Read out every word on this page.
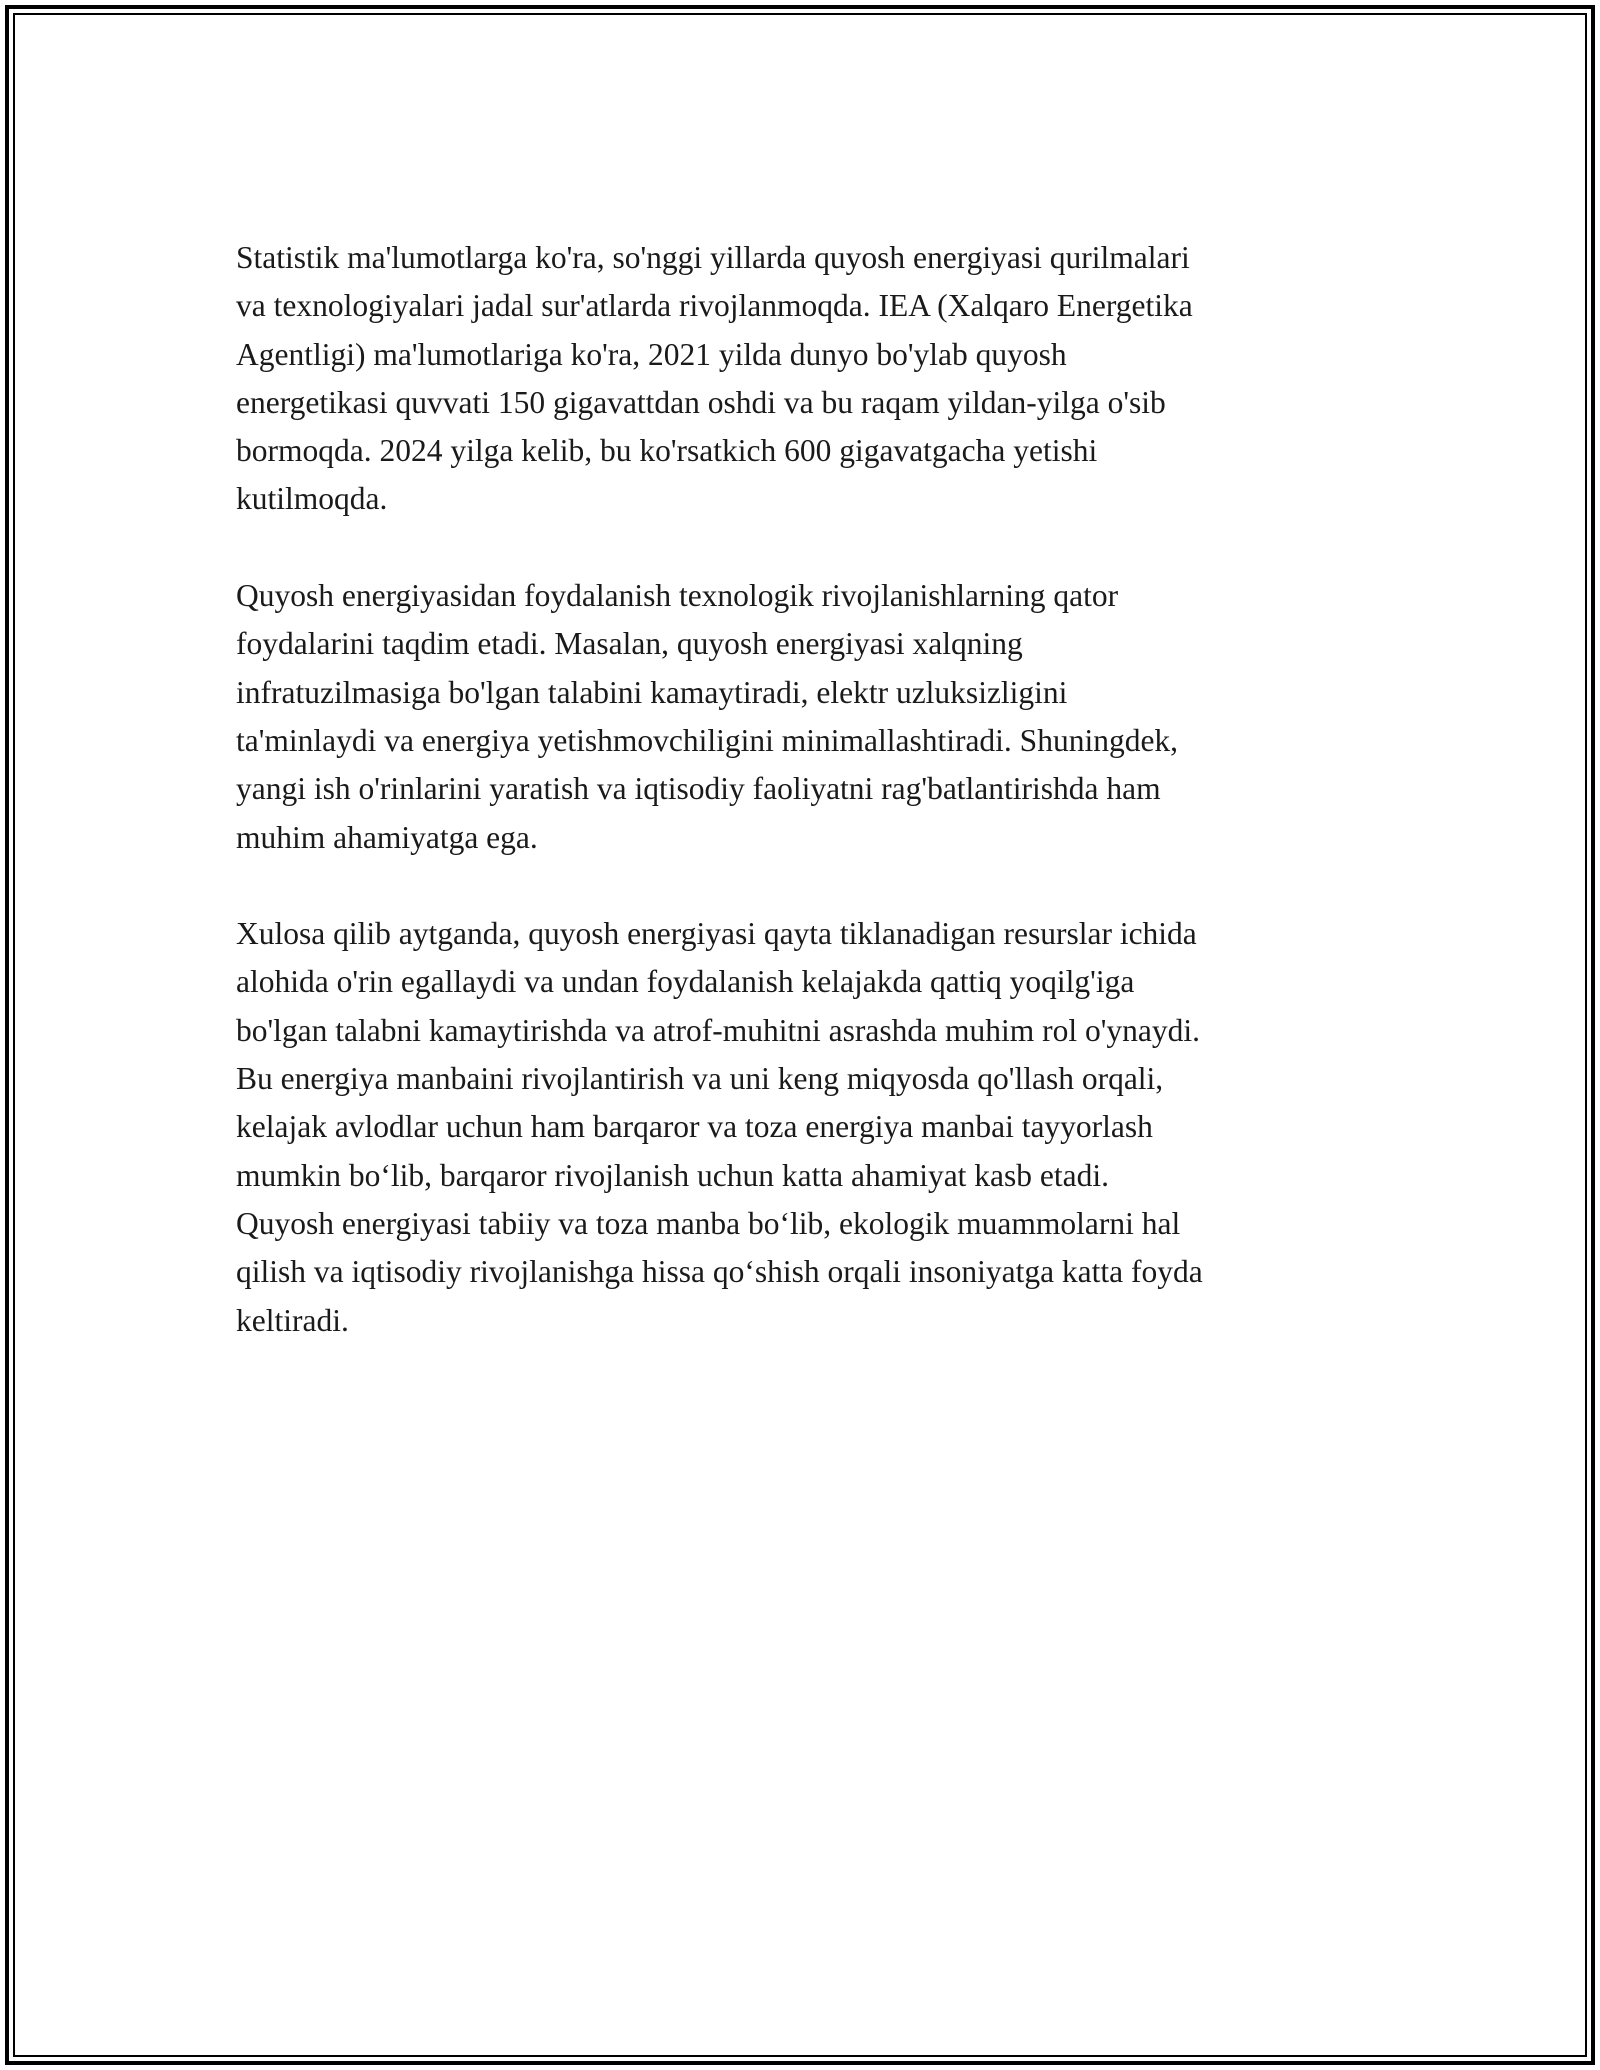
Statistik ma'lumotlarga ko'ra, so'nggi yillarda quyosh energiyasi qurilmalari
va texnologiyalari jadal sur'atlarda rivojlanmoqda. IEA (Xalqaro Energetika
Agentligi) ma'lumotlariga ko'ra, 2021 yilda dunyo bo'ylab quyosh
energetikasi quvvati 150 gigavattdan oshdi va bu raqam yildan-yilga o'sib
bormoqda. 2024 yilga kelib, bu ko'rsatkich 600 gigavatgacha yetishi
kutilmoqda.

Quyosh energiyasidan foydalanish texnologik rivojlanishlarning qator
foydalarini taqdim etadi. Masalan, quyosh energiyasi xalqning
infratuzilmasiga bo'lgan talabini kamaytiradi, elektr uzluksizligini
ta'minlaydi va energiya yetishmovchiligini minimallashtiradi. Shuningdek,
yangi ish o'rinlarini yaratish va iqtisodiy faoliyatni rag'batlantirishda ham
muhim ahamiyatga ega.

Xulosa qilib aytganda, quyosh energiyasi qayta tiklanadigan resurslar ichida
alohida o'rin egallaydi va undan foydalanish kelajakda qattiq yoqilg'iga
bo'lgan talabni kamaytirishda va atrof-muhitni asrashda muhim rol o'ynaydi.
Bu energiya manbaini rivojlantirish va uni keng miqyosda qo'llash orqali,
kelajak avlodlar uchun ham barqaror va toza energiya manbai tayyorlash
mumkin boʻlib, barqaror rivojlanish uchun katta ahamiyat kasb etadi.
Quyosh energiyasi tabiiy va toza manba boʻlib, ekologik muammolarni hal
qilish va iqtisodiy rivojlanishga hissa qoʻshish orqali insoniyatga katta foyda
keltiradi.
